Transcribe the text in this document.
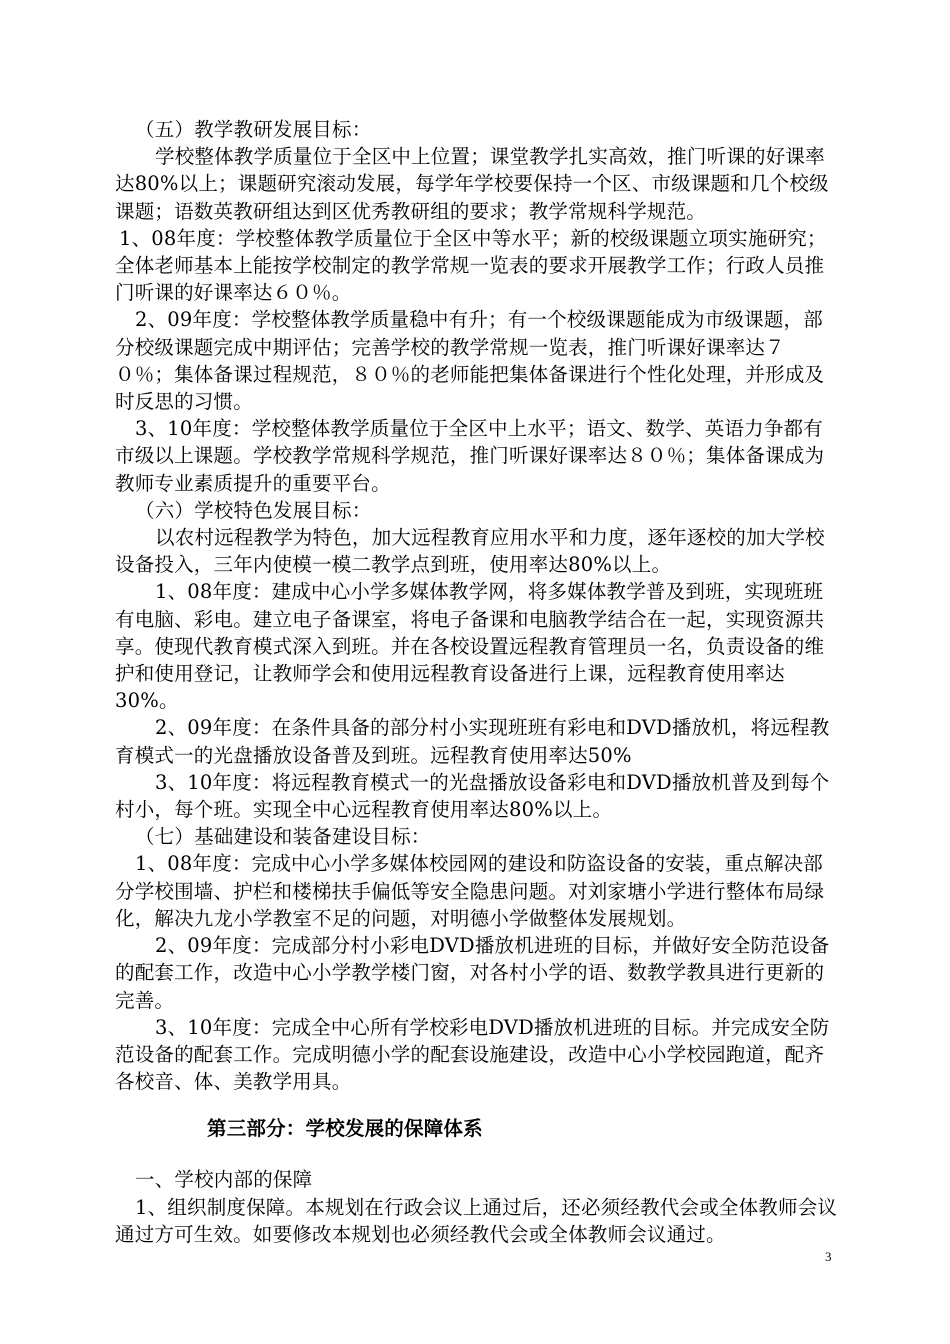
（五）教学教研发展目标：

学校整体教学质量位于全区中上位置；课堂教学扎实高效，推门听课的好课率达80%以上；课题研究滚动发展，每学年学校要保持一个区、市级课题和几个校级课题；语数英教研组达到区优秀教研组的要求；教学常规科学规范。

1、08年度：学校整体教学质量位于全区中等水平；新的校级课题立项实施研究；全体老师基本上能按学校制定的教学常规一览表的要求开展教学工作；行政人员推门听课的好课率达６０％。

2、09年度：学校整体教学质量稳中有升；有一个校级课题能成为市级课题，部分校级课题完成中期评估；完善学校的教学常规一览表，推门听课好课率达７０％；集体备课过程规范，８０％的老师能把集体备课进行个性化处理，并形成及时反思的习惯。

3、10年度：学校整体教学质量位于全区中上水平；语文、数学、英语力争都有市级以上课题。学校教学常规科学规范，推门听课好课率达８０％；集体备课成为教师专业素质提升的重要平台。

（六）学校特色发展目标：

以农村远程教学为特色，加大远程教育应用水平和力度，逐年逐校的加大学校设备投入，三年内使模一模二教学点到班，使用率达80%以上。

1、08年度：建成中心小学多媒体教学网，将多媒体教学普及到班，实现班班有电脑、彩电。建立电子备课室，将电子备课和电脑教学结合在一起，实现资源共享。使现代教育模式深入到班。并在各校设置远程教育管理员一名，负责设备的维护和使用登记，让教师学会和使用远程教育设备进行上课，远程教育使用率达30%。

2、09年度：在条件具备的部分村小实现班班有彩电和DVD播放机，将远程教育模式一的光盘播放设备普及到班。远程教育使用率达50%

3、10年度：将远程教育模式一的光盘播放设备彩电和DVD播放机普及到每个村小，每个班。实现全中心远程教育使用率达80%以上。

（七）基础建设和装备建设目标：

1、08年度：完成中心小学多媒体校园网的建设和防盗设备的安装，重点解决部分学校围墙、护栏和楼梯扶手偏低等安全隐患问题。对刘家塘小学进行整体布局绿化，解决九龙小学教室不足的问题，对明德小学做整体发展规划。

2、09年度：完成部分村小彩电DVD播放机进班的目标，并做好安全防范设备的配套工作，改造中心小学教学楼门窗，对各村小学的语、数教学教具进行更新的完善。

3、10年度：完成全中心所有学校彩电DVD播放机进班的目标。并完成安全防范设备的配套工作。完成明德小学的配套设施建设，改造中心小学校园跑道，配齐各校音、体、美教学用具。

第三部分：学校发展的保障体系

一、学校内部的保障

1、组织制度保障。本规划在行政会议上通过后，还必须经教代会或全体教师会议通过方可生效。如要修改本规划也必须经教代会或全体教师会议通过。

3
